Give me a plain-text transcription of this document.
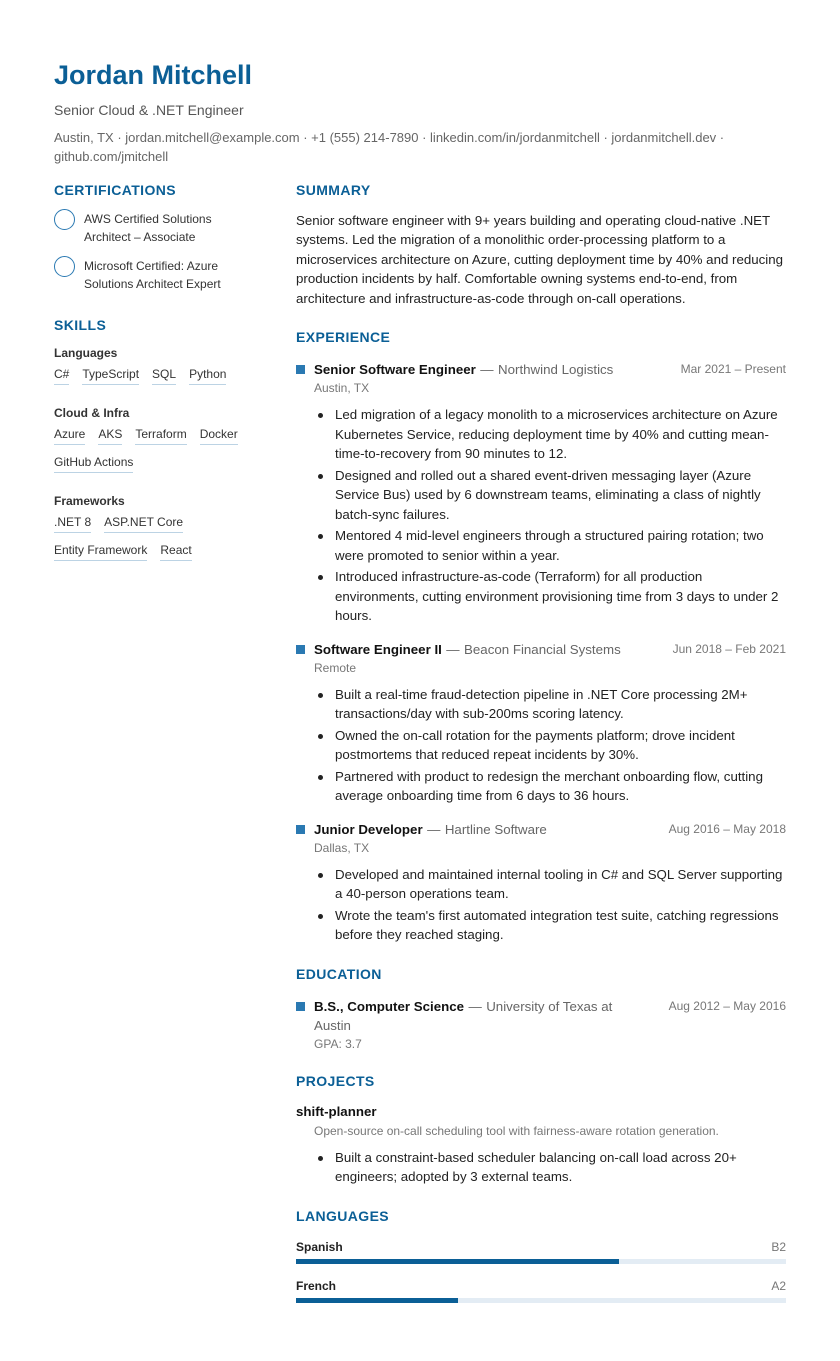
Jordan Mitchell
Senior Cloud & .NET Engineer
Austin, TX · jordan.mitchell@example.com · +1 (555) 214-7890 · linkedin.com/in/jordanmitchell · jordanmitchell.dev ·
github.com/jmitchell
CERTIFICATIONS
AWS Certified Solutions
Architect – Associate
Microsoft Certified: Azure
Solutions Architect Expert
SKILLS
Languages
C# TypeScript SQL Python
Cloud & Infra
Azure AKS Terraform Docker
GitHub Actions
Frameworks
.NET 8 ASP.NET Core
Entity Framework React
SUMMARY

Senior software engineer with 9+ years building and operating cloud-native .NET systems. Led the migration of a monolithic order-processing platform to a microservices architecture on Azure, cutting deployment time by 40% and reducing production incidents by half. Comfortable owning systems end-to-end, from architecture and infrastructure-as-code through on-call operations.

EXPERIENCE
Senior Software Engineer — Northwind Logistics	Mar 2021 – Present
Austin, TX
Led migration of a legacy monolith to a microservices architecture on Azure Kubernetes Service, reducing deployment time by 40% and cutting mean-time-to-recovery from 90 minutes to 12.
Designed and rolled out a shared event-driven messaging layer (Azure Service Bus) used by 6 downstream teams, eliminating a class of nightly batch-sync failures.
Mentored 4 mid-level engineers through a structured pairing rotation; two were promoted to senior within a year.
Introduced infrastructure-as-code (Terraform) for all production environments, cutting environment provisioning time from 3 days to under 2 hours.
Software Engineer II — Beacon Financial Systems	Jun 2018 – Feb 2021
Remote
Built a real-time fraud-detection pipeline in .NET Core processing 2M+ transactions/day with sub-200ms scoring latency.
Owned the on-call rotation for the payments platform; drove incident postmortems that reduced repeat incidents by 30%.
Partnered with product to redesign the merchant onboarding flow, cutting average onboarding time from 6 days to 36 hours.
Junior Developer — Hartline Software	Aug 2016 – May 2018
Dallas, TX
Developed and maintained internal tooling in C# and SQL Server supporting a 40-person operations team.
Wrote the team's first automated integration test suite, catching regressions before they reached staging.
EDUCATION
B.S., Computer Science — University of Texas at Austin
Aug 2012 – May 2016
GPA: 3.7
PROJECTS
shift-planner
Open-source on-call scheduling tool with fairness-aware rotation generation.
Built a constraint-based scheduler balancing on-call load across 20+ engineers; adopted by 3 external teams.
LANGUAGES
Spanish	B2
French	A2
